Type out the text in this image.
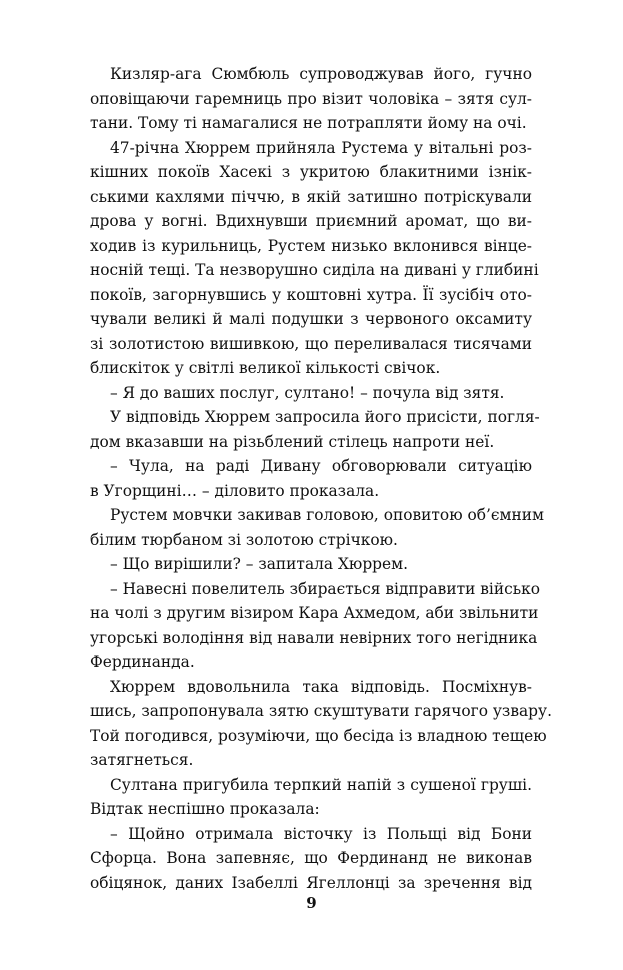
Кизляр-ага Сюмбюль супроводжував його, гучно
оповіщаючи гаремниць про візит чоловіка – зятя сул-
тани. Тому ті намагалися не потрапляти йому на очі.
47-річна Хюррем прийняла Рустема у вітальні роз-
кішних покоїв Хасекі з укритою блакитними ізнік-
ськими кахлями піччю, в якій затишно потріскували
дрова у вогні. Вдихнувши приємний аромат, що ви-
ходив із курильниць, Рустем низько вклонився вінце-
носній тещі. Та незворушно сиділа на дивані у глибині
покоїв, загорнувшись у коштовні хутра. Її зусібіч ото-
чували великі й малі подушки з червоного оксамиту
зі золотистою вишивкою, що переливалася тисячами
блискіток у світлі великої кількості свічок.
– Я до ваших послуг, султано! – почула від зятя.
У відповідь Хюррем запросила його присісти, погля-
дом вказавши на різьблений стілець напроти неї.
– Чула, на раді Дивану обговорювали ситуацію
в Угорщині… – діловито проказала.
Рустем мовчки закивав головою, оповитою об’ємним
білим тюрбаном зі золотою стрічкою.
– Що вирішили? – запитала Хюррем.
– Навесні повелитель збирається відправити військо
на чолі з другим візиром Кара Ахмедом, аби звільнити
угорські володіння від навали невірних того негідника
Фердинанда.
Хюррем вдовольнила така відповідь. Посміхнув-
шись, запропонувала зятю скуштувати гарячого узвару.
Той погодився, розуміючи, що бесіда із владною тещею
затягнеться.
Султана пригубила терпкий напій з сушеної груші.
Відтак неспішно проказала:
– Щойно отримала вісточку із Польщі від Бони
Сфорца. Вона запевняє, що Фердинанд не виконав
обіцянок, даних Ізабеллі Ягеллонці за зречення від
9
